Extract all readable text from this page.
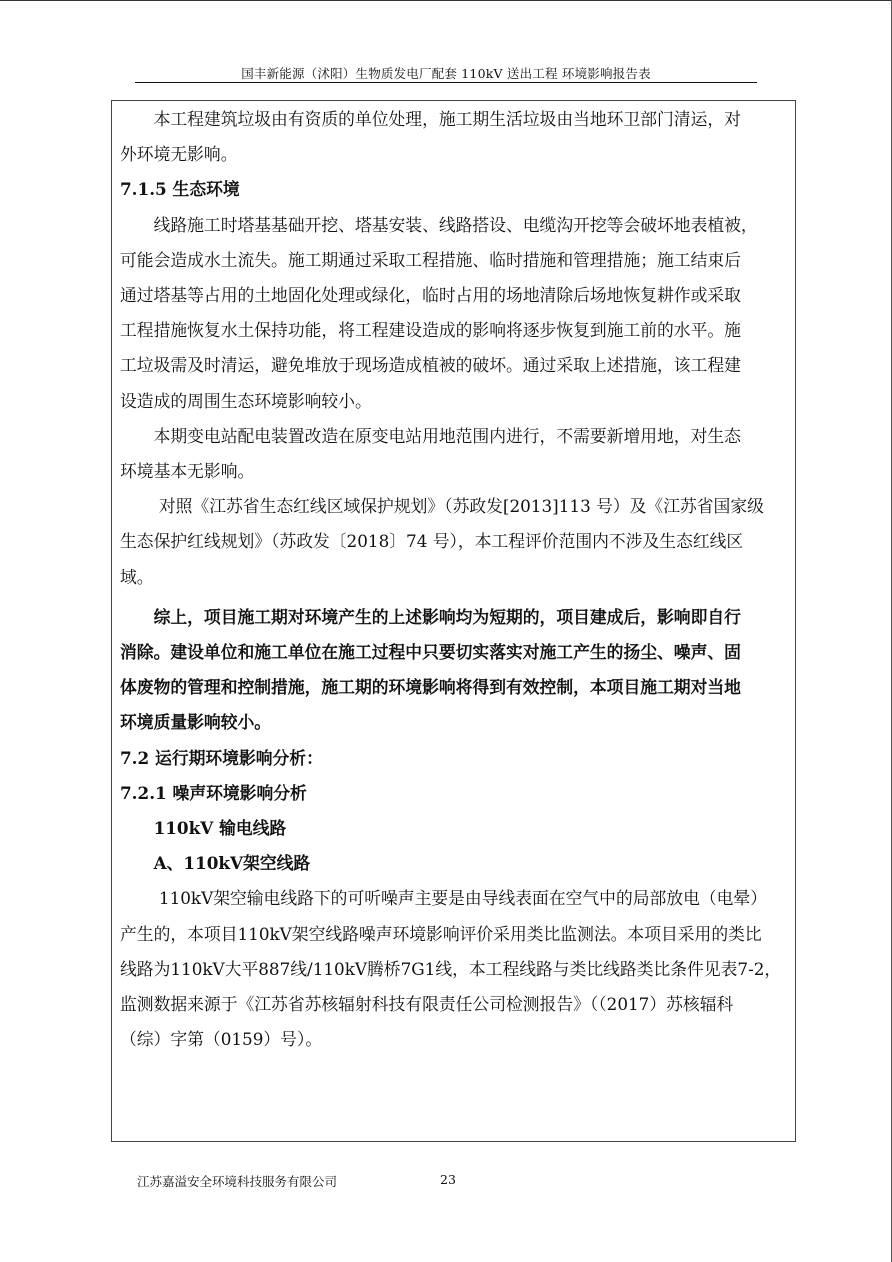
国丰新能源（沭阳）生物质发电厂配套 110kV 送出工程 环境影响报告表
　　本工程建筑垃圾由有资质的单位处理，施工期生活垃圾由当地环卫部门清运，对
外环境无影响。
7.1.5 生态环境
　　线路施工时塔基基础开挖、塔基安装、线路搭设、电缆沟开挖等会破坏地表植被，
可能会造成水土流失。施工期通过采取工程措施、临时措施和管理措施；施工结束后
通过塔基等占用的土地固化处理或绿化，临时占用的场地清除后场地恢复耕作或采取
工程措施恢复水土保持功能，将工程建设造成的影响将逐步恢复到施工前的水平。施
工垃圾需及时清运，避免堆放于现场造成植被的破坏。通过采取上述措施，该工程建
设造成的周围生态环境影响较小。
　　本期变电站配电装置改造在原变电站用地范围内进行，不需要新增用地，对生态
环境基本无影响。
　　 对照《江苏省生态红线区域保护规划》（苏政发[2013]113 号）及《江苏省国家级
生态保护红线规划》（苏政发〔2018〕74 号），本工程评价范围内不涉及生态红线区
域。
　　综上，项目施工期对环境产生的上述影响均为短期的，项目建成后，影响即自行
消除。建设单位和施工单位在施工过程中只要切实落实对施工产生的扬尘、噪声、固
体废物的管理和控制措施，施工期的环境影响将得到有效控制，本项目施工期对当地
环境质量影响较小。
7.2 运行期环境影响分析：
7.2.1 噪声环境影响分析
　　110kV 输电线路
　　A、110kV架空线路
　　 110kV架空输电线路下的可听噪声主要是由导线表面在空气中的局部放电（电晕）
产生的，本项目110kV架空线路噪声环境影响评价采用类比监测法。本项目采用的类比
线路为110kV大平887线/110kV腾桥7G1线，本工程线路与类比线路类比条件见表7-2，
监测数据来源于《江苏省苏核辐射科技有限责任公司检测报告》（（2017）苏核辐科
（综）字第（0159）号）。
江苏嘉溢安全环境科技服务有限公司	23
